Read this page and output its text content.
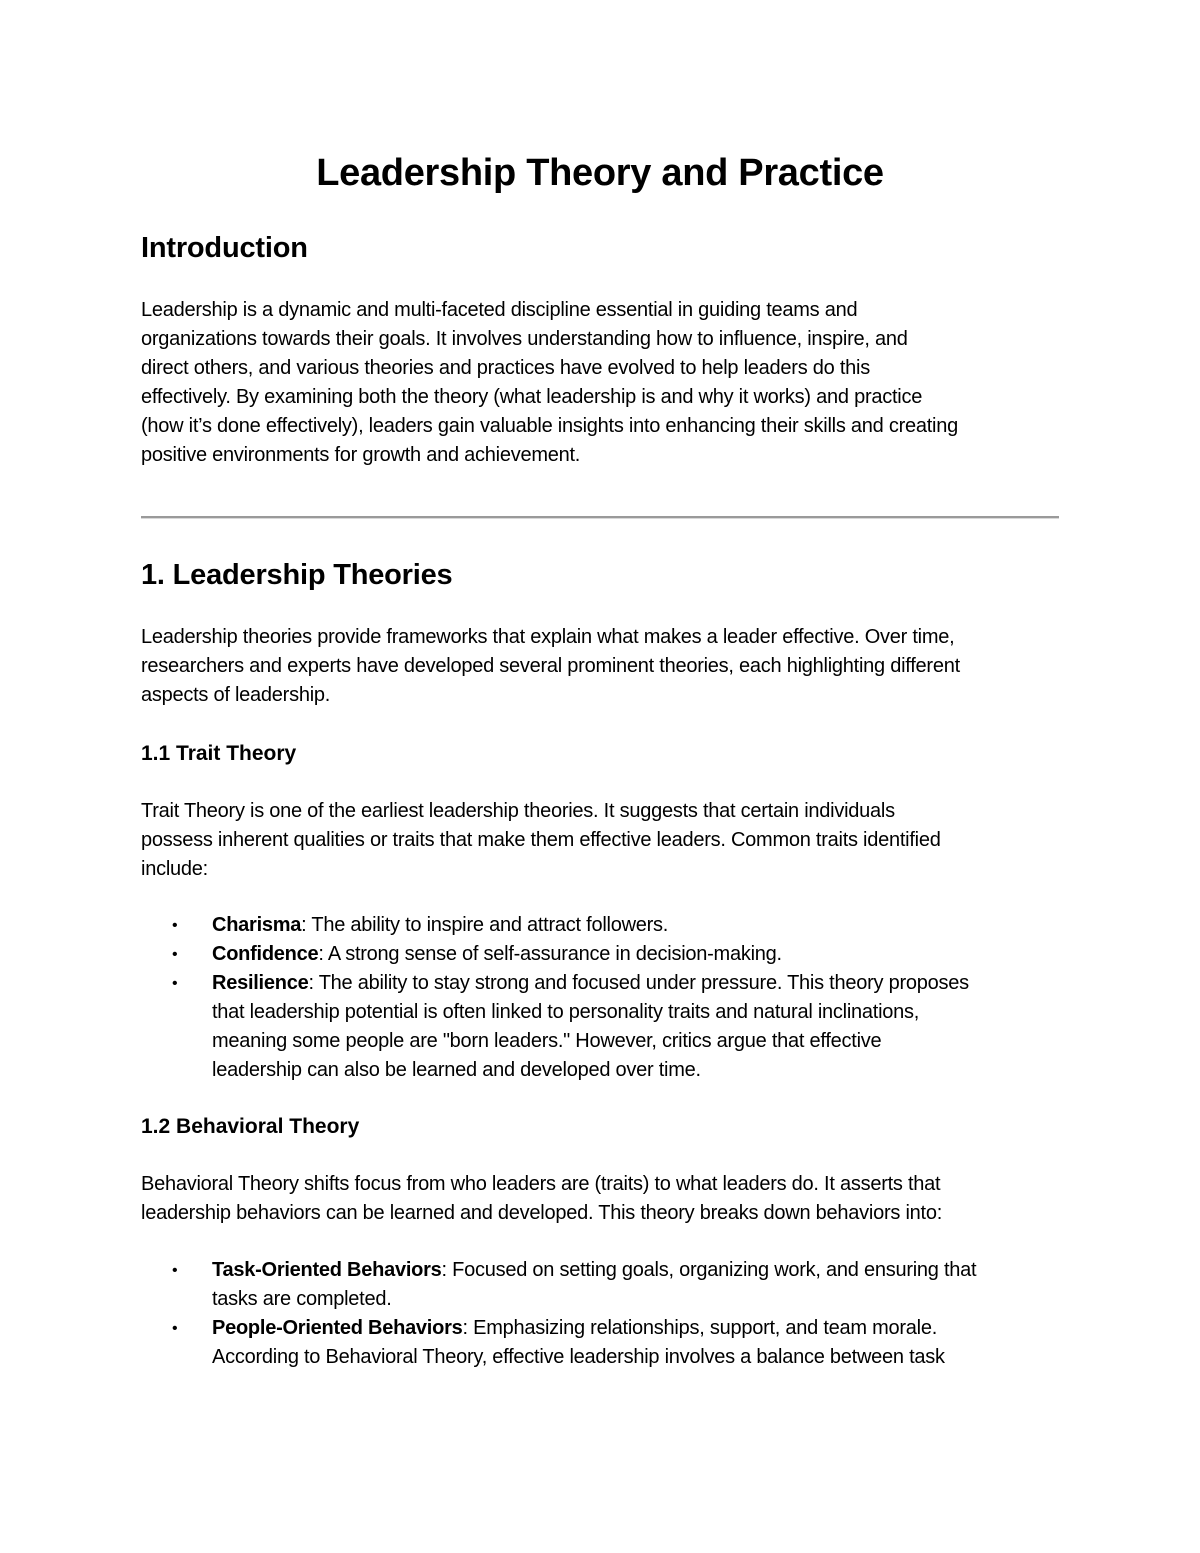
Leadership Theory and Practice
Introduction

Leadership is a dynamic and multi-faceted discipline essential in guiding teams and
organizations towards their goals. It involves understanding how to influence, inspire, and
direct others, and various theories and practices have evolved to help leaders do this
effectively. By examining both the theory (what leadership is and why it works) and practice
(how it’s done effectively), leaders gain valuable insights into enhancing their skills and creating
positive environments for growth and achievement.

1. Leadership Theories

Leadership theories provide frameworks that explain what makes a leader effective. Over time,
researchers and experts have developed several prominent theories, each highlighting different
aspects of leadership.

1.1 Trait Theory

Trait Theory is one of the earliest leadership theories. It suggests that certain individuals
possess inherent qualities or traits that make them effective leaders. Common traits identified
include:

• Charisma: The ability to inspire and attract followers.
• Confidence: A strong sense of self-assurance in decision-making.
• Resilience: The ability to stay strong and focused under pressure. This theory proposes
that leadership potential is often linked to personality traits and natural inclinations,
meaning some people are "born leaders." However, critics argue that effective
leadership can also be learned and developed over time.
1.2 Behavioral Theory

Behavioral Theory shifts focus from who leaders are (traits) to what leaders do. It asserts that
leadership behaviors can be learned and developed. This theory breaks down behaviors into:

• Task-Oriented Behaviors: Focused on setting goals, organizing work, and ensuring that
tasks are completed.
• People-Oriented Behaviors: Emphasizing relationships, support, and team morale.
According to Behavioral Theory, effective leadership involves a balance between task
